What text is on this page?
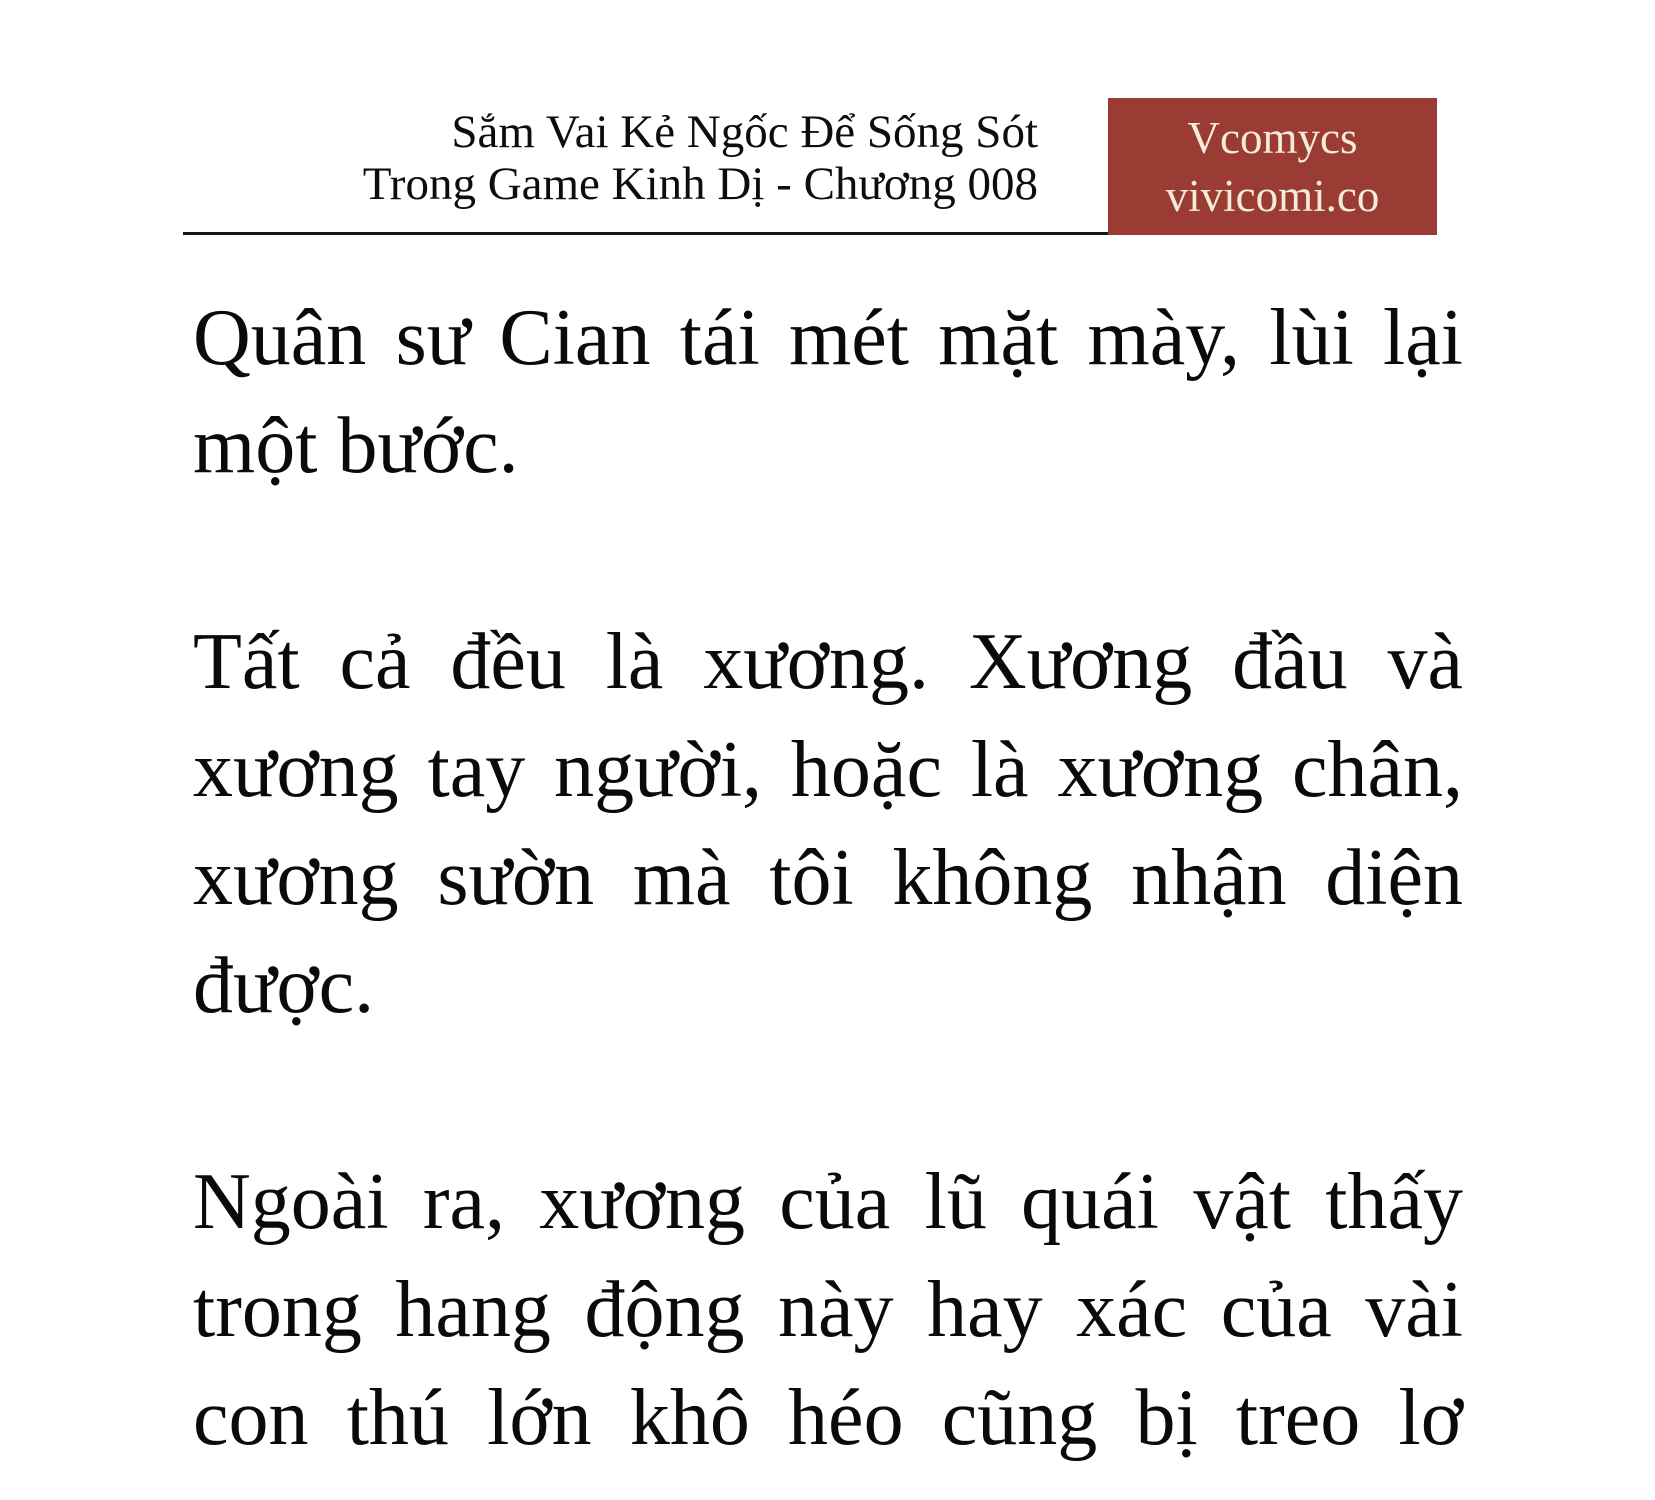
Sắm Vai Kẻ Ngốc Để Sống Sót
Trong Game Kinh Dị - Chương 008
Vcomycs
vivicomi.co
Quân sư Cian tái mét mặt mày, lùi lại
một bước.
Tất cả đều là xương. Xương đầu và
xương tay người, hoặc là xương chân,
xương sườn mà tôi không nhận diện
được.
Ngoài ra, xương của lũ quái vật thấy
trong hang động này hay xác của vài
con thú lớn khô héo cũng bị treo lơ
